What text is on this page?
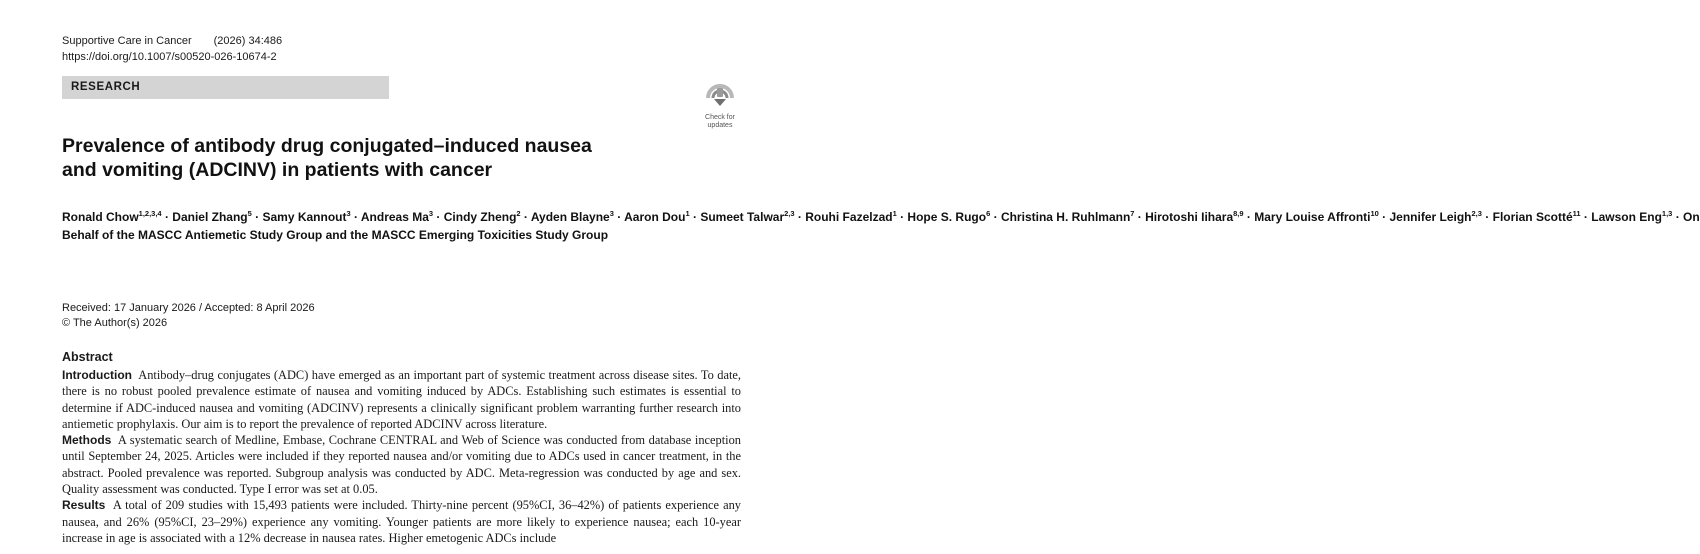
Supportive Care in Cancer (2026) 34:486
https://doi.org/10.1007/s00520-026-10674-2
RESEARCH
Check for
updates
Prevalence of antibody drug conjugated–induced nausea and vomiting (ADCINV) in patients with cancer
Ronald Chow$^{1,2,3,4}$ · Daniel Zhang$^5$ · Samy Kannout$^3$ · Andreas $Ma^3$ · Cindy Zheng$^2$ · Ayden Blayne$^3$ · Aaron Dou$^1$ · Sumeet Talwar$^{2,3}$ · Rouhi Fazelzad$^1$ · Hope S. Rugo$^6$ · Christina H. Ruhlmann$^7$ · Hirotoshi Iihara$^{8,9}$ · Mary Louise Affronti$^{10}$ · Jennifer Leigh$^{2,3}$ · Florian Scotté$^{11}$ · Lawson Eng$^{1,3}$ · On Behalf of the MASCC Antiemetic Study Group and the MASCC Emerging Toxicities Study Group
Received: 17 January 2026 / Accepted: 8 April 2026
© The Author(s) 2026
Abstract

Introduction Antibody–drug conjugates (ADC) have emerged as an important part of systemic treatment across disease sites. To date, there is no robust pooled prevalence estimate of nausea and vomiting induced by ADCs. Establishing such estimates is essential to determine if ADC-induced nausea and vomiting (ADCINV) represents a clinically significant problem warranting further research into antiemetic prophylaxis. Our aim is to report the prevalence of reported ADCINV across literature.

Methods A systematic search of Medline, Embase, Cochrane CENTRAL and Web of Science was conducted from database inception until September 24, 2025. Articles were included if they reported nausea and/or vomiting due to ADCs used in cancer treatment, in the abstract. Pooled prevalence was reported. Subgroup analysis was conducted by ADC. Meta-regression was conducted by age and sex. Quality assessment was conducted. Type I error was set at 0.05.

Results A total of 209 studies with 15,493 patients were included. Thirty-nine percent (95%CI, 36–42%) of patients experience any nausea, and 26% (95%CI, 23–29%) experience any vomiting. Younger patients are more likely to experience nausea; each 10-year increase in age is associated with a 12% decrease in nausea rates. Higher emetogenic ADCs include
